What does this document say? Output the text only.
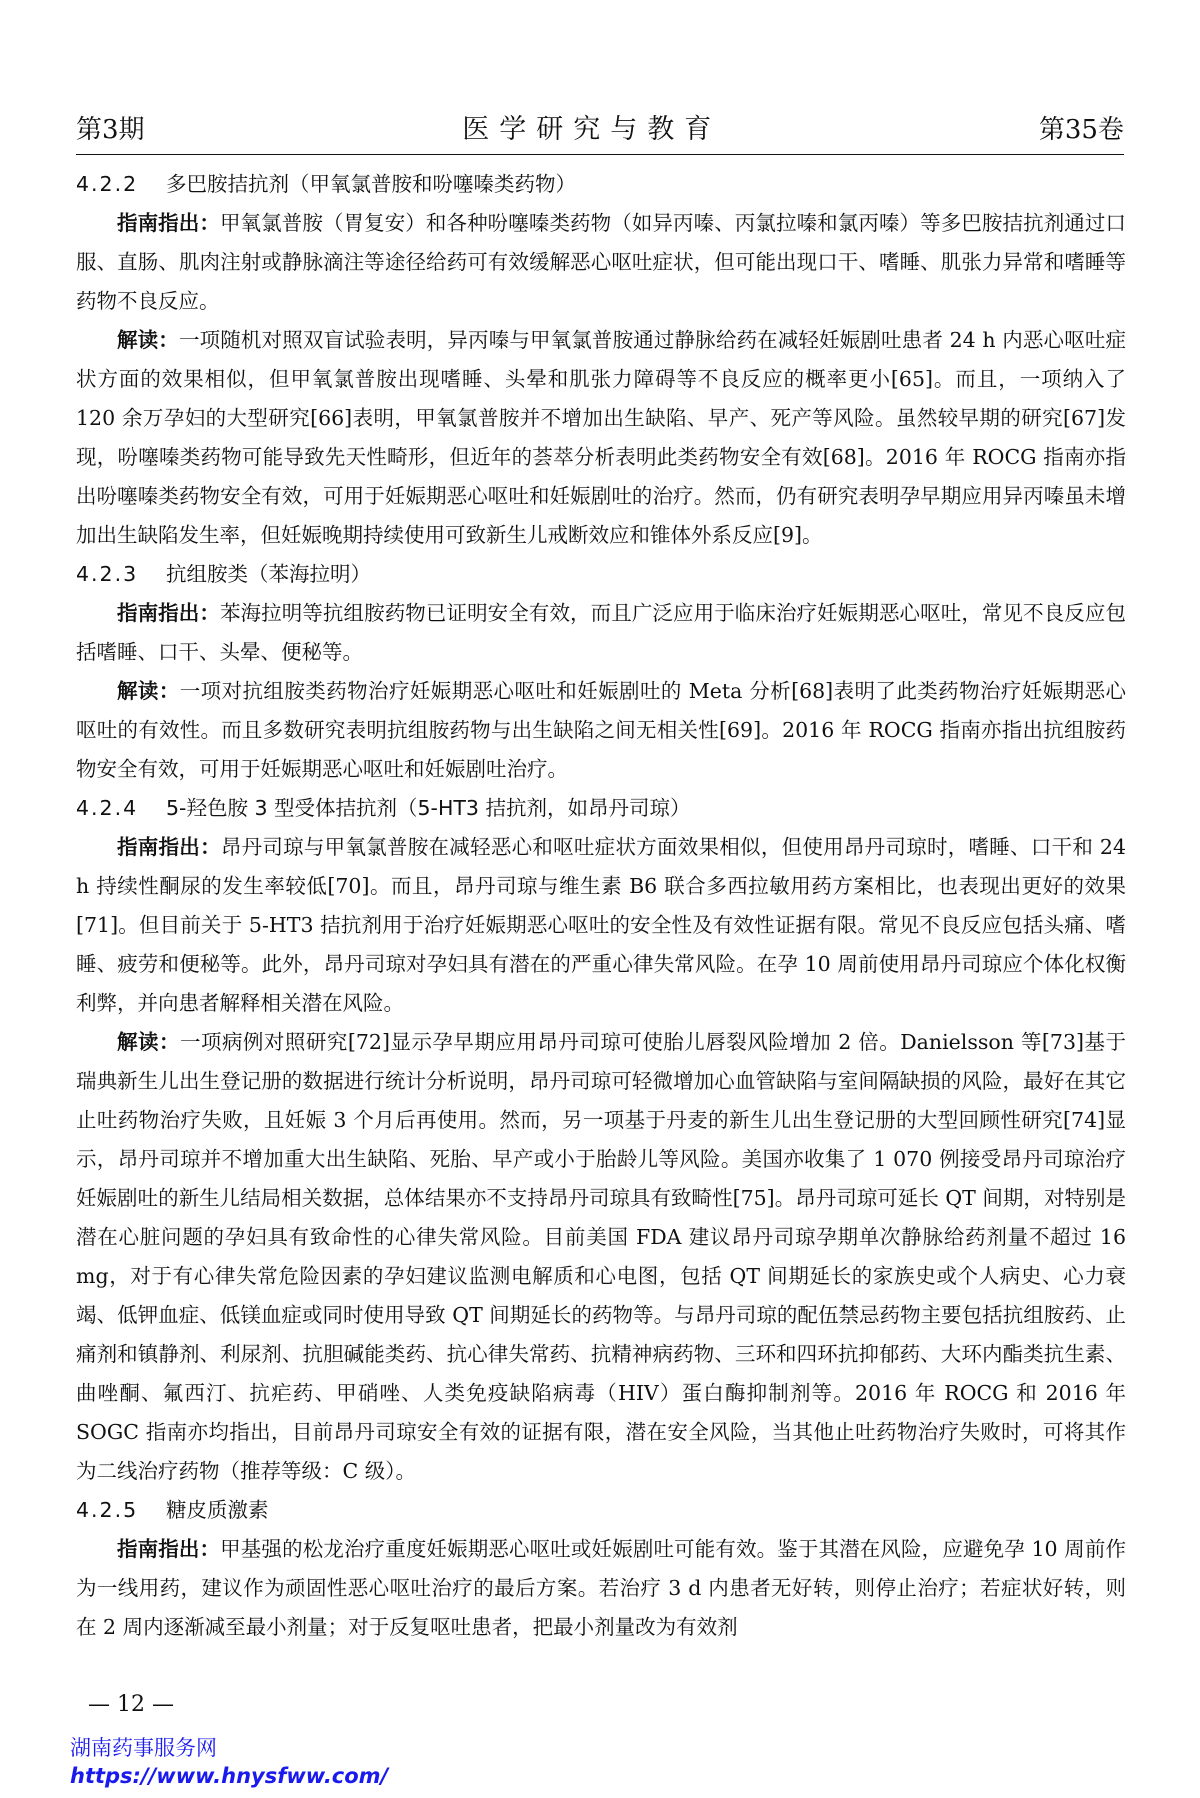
第3期	医学研究与教育	第35卷
4.2.2 多巴胺拮抗剂（甲氧氯普胺和吩噻嗪类药物）

指南指出：甲氧氯普胺（胃复安）和各种吩噻嗪类药物（如异丙嗪、丙氯拉嗪和氯丙嗪）等多巴胺拮抗剂通过口服、直肠、肌肉注射或静脉滴注等途径给药可有效缓解恶心呕吐症状，但可能出现口干、嗜睡、肌张力异常和嗜睡等药物不良反应。

解读：一项随机对照双盲试验表明，异丙嗪与甲氧氯普胺通过静脉给药在减轻妊娠剧吐患者 24 h 内恶心呕吐症状方面的效果相似，但甲氧氯普胺出现嗜睡、头晕和肌张力障碍等不良反应的概率更小[65]。而且，一项纳入了 120 余万孕妇的大型研究[66]表明，甲氧氯普胺并不增加出生缺陷、早产、死产等风险。虽然较早期的研究[67]发现，吩噻嗪类药物可能导致先天性畸形，但近年的荟萃分析表明此类药物安全有效[68]。2016 年 ROCG 指南亦指出吩噻嗪类药物安全有效，可用于妊娠期恶心呕吐和妊娠剧吐的治疗。然而，仍有研究表明孕早期应用异丙嗪虽未增加出生缺陷发生率，但妊娠晚期持续使用可致新生儿戒断效应和锥体外系反应[9]。

4.2.3 抗组胺类（苯海拉明）

指南指出：苯海拉明等抗组胺药物已证明安全有效，而且广泛应用于临床治疗妊娠期恶心呕吐，常见不良反应包括嗜睡、口干、头晕、便秘等。

解读：一项对抗组胺类药物治疗妊娠期恶心呕吐和妊娠剧吐的 Meta 分析[68]表明了此类药物治疗妊娠期恶心呕吐的有效性。而且多数研究表明抗组胺药物与出生缺陷之间无相关性[69]。2016 年 ROCG 指南亦指出抗组胺药物安全有效，可用于妊娠期恶心呕吐和妊娠剧吐治疗。

4.2.4 5-羟色胺 3 型受体拮抗剂（5-HT3 拮抗剂，如昂丹司琼）

指南指出：昂丹司琼与甲氧氯普胺在减轻恶心和呕吐症状方面效果相似，但使用昂丹司琼时，嗜睡、口干和 24 h 持续性酮尿的发生率较低[70]。而且，昂丹司琼与维生素 B6 联合多西拉敏用药方案相比，也表现出更好的效果[71]。但目前关于 5-HT3 拮抗剂用于治疗妊娠期恶心呕吐的安全性及有效性证据有限。常见不良反应包括头痛、嗜睡、疲劳和便秘等。此外，昂丹司琼对孕妇具有潜在的严重心律失常风险。在孕 10 周前使用昂丹司琼应个体化权衡利弊，并向患者解释相关潜在风险。

解读：一项病例对照研究[72]显示孕早期应用昂丹司琼可使胎儿唇裂风险增加 2 倍。Danielsson 等[73]基于瑞典新生儿出生登记册的数据进行统计分析说明，昂丹司琼可轻微增加心血管缺陷与室间隔缺损的风险，最好在其它止吐药物治疗失败，且妊娠 3 个月后再使用。然而，另一项基于丹麦的新生儿出生登记册的大型回顾性研究[74]显示，昂丹司琼并不增加重大出生缺陷、死胎、早产或小于胎龄儿等风险。美国亦收集了 1 070 例接受昂丹司琼治疗妊娠剧吐的新生儿结局相关数据，总体结果亦不支持昂丹司琼具有致畸性[75]。昂丹司琼可延长 QT 间期，对特别是潜在心脏问题的孕妇具有致命性的心律失常风险。目前美国 FDA 建议昂丹司琼孕期单次静脉给药剂量不超过 16 mg，对于有心律失常危险因素的孕妇建议监测电解质和心电图，包括 QT 间期延长的家族史或个人病史、心力衰竭、低钾血症、低镁血症或同时使用导致 QT 间期延长的药物等。与昂丹司琼的配伍禁忌药物主要包括抗组胺药、止痛剂和镇静剂、利尿剂、抗胆碱能类药、抗心律失常药、抗精神病药物、三环和四环抗抑郁药、大环内酯类抗生素、曲唑酮、氟西汀、抗疟药、甲硝唑、人类免疫缺陷病毒（HIV）蛋白酶抑制剂等。2016 年 ROCG 和 2016 年 SOGC 指南亦均指出，目前昂丹司琼安全有效的证据有限，潜在安全风险，当其他止吐药物治疗失败时，可将其作为二线治疗药物（推荐等级：C 级）。

4.2.5 糖皮质激素

指南指出：甲基强的松龙治疗重度妊娠期恶心呕吐或妊娠剧吐可能有效。鉴于其潜在风险，应避免孕 10 周前作为一线用药，建议作为顽固性恶心呕吐治疗的最后方案。若治疗 3 d 内患者无好转，则停止治疗；若症状好转，则在 2 周内逐渐减至最小剂量；对于反复呕吐患者，把最小剂量改为有效剂

— 12 —
湖南药事服务网
https://www.hnysfww.com/
